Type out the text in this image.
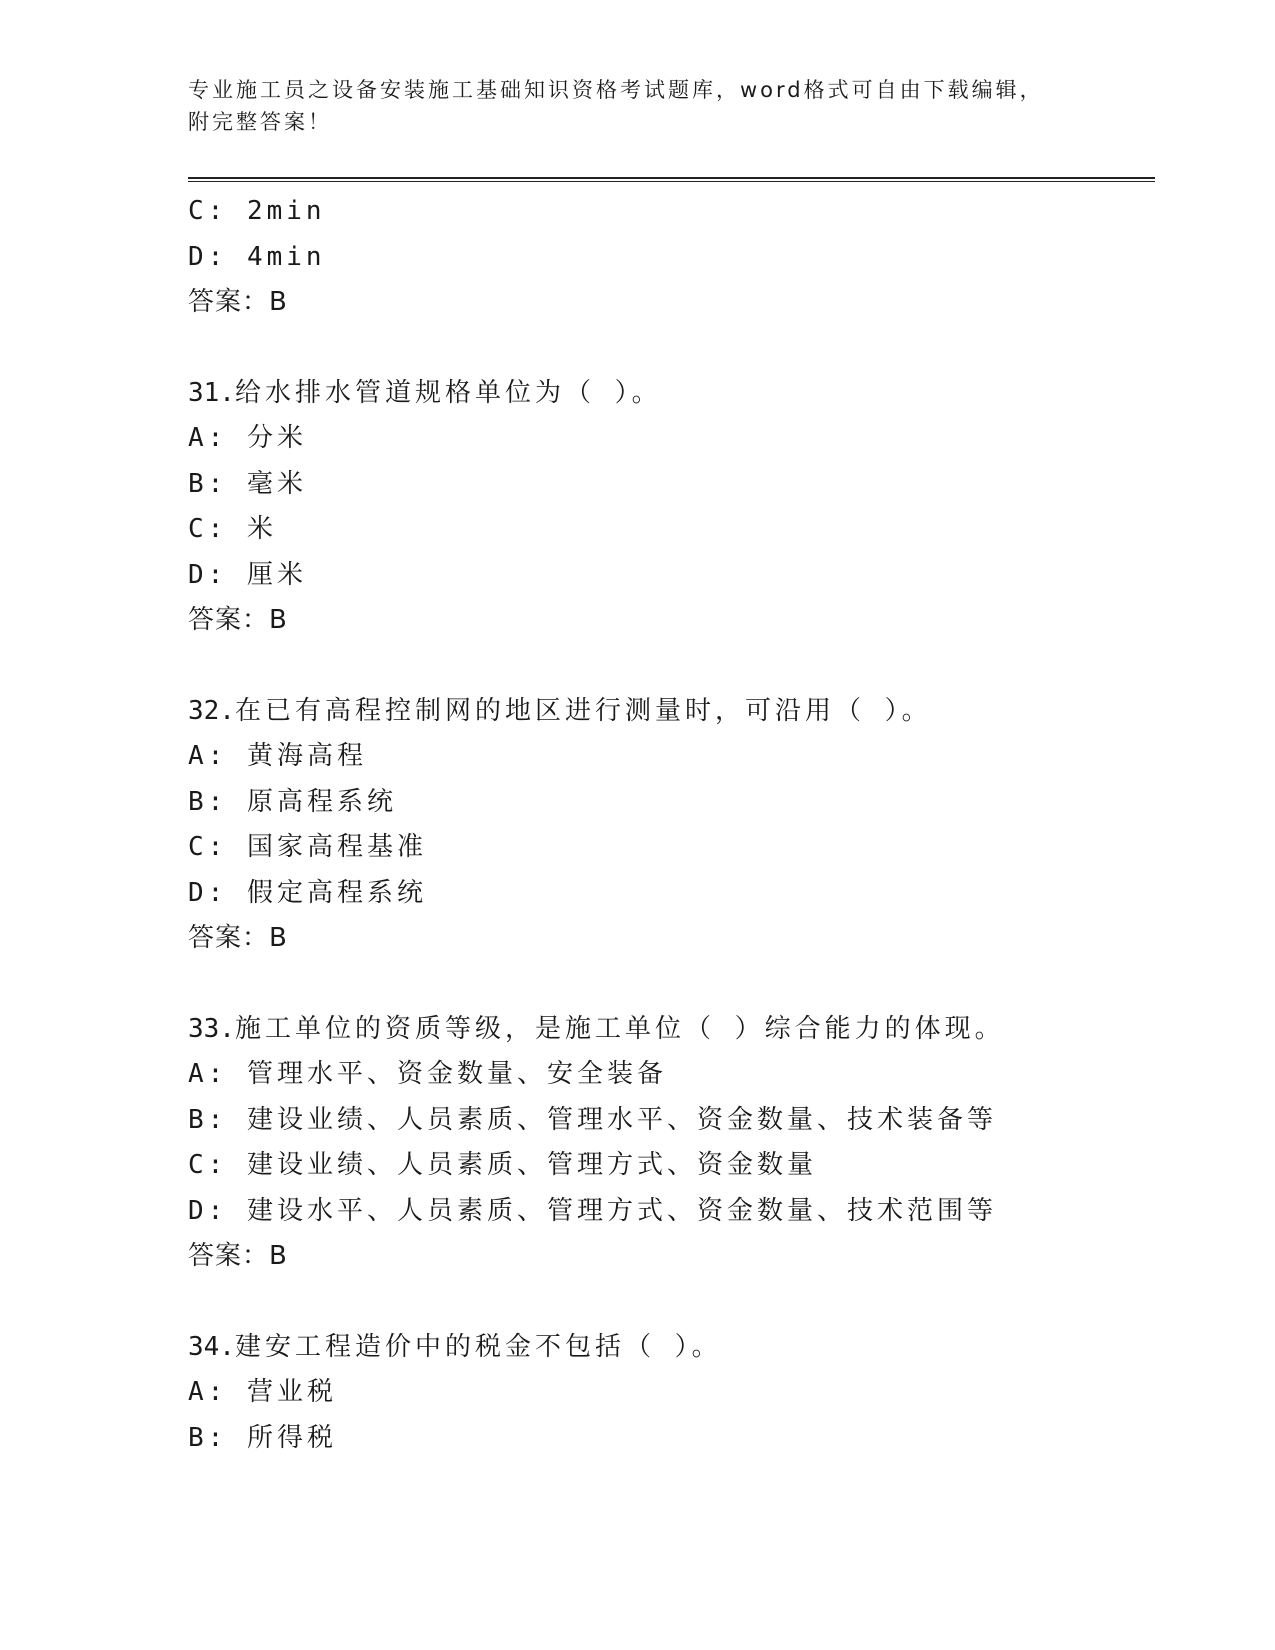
专业施工员之设备安装施工基础知识资格考试题库，word格式可自由下载编辑，
附完整答案！
C: 2min
D: 4min
答案：B
31.给水排水管道规格单位为（ ）。
A: 分米
B: 毫米
C: 米
D: 厘米
答案：B
32.在已有高程控制网的地区进行测量时，可沿用（ ）。
A: 黄海高程
B: 原高程系统
C: 国家高程基准
D: 假定高程系统
答案：B
33.施工单位的资质等级，是施工单位（ ）综合能力的体现。
A: 管理水平、资金数量、安全装备
B: 建设业绩、人员素质、管理水平、资金数量、技术装备等
C: 建设业绩、人员素质、管理方式、资金数量
D: 建设水平、人员素质、管理方式、资金数量、技术范围等
答案：B
34.建安工程造价中的税金不包括（ ）。
A: 营业税
B: 所得税
